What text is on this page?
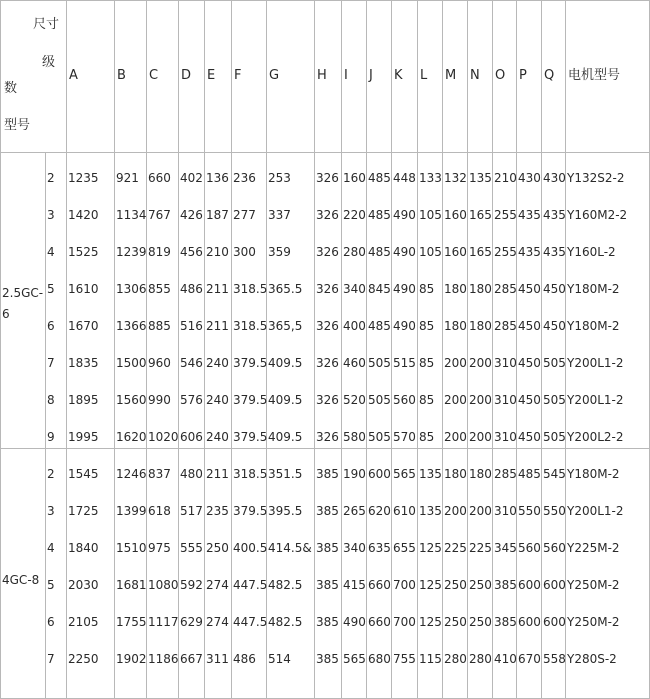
尺寸
级
数
型号
A	B C D E F G	H I J K L M N O P Q 电机型号
2.5GC-
6
4GC-8
2 1235 921 660 402 136 236 253 326 160 485 448 133 132 135 210 430 430 Y132S2-2
3 1420 1134 767 426 187 277 337 326 220 485 490 105 160 165 255 435 435 Y160M2-2
4 1525 1239 819 456 210 300 359 326 280 485 490 105 160 165 255 435 435 Y160L-2
5 1610 1306 855 486 211 318.5 365.5 326 340 845 490 85 180 180 285 450 450 Y180M-2
6 1670 1366 885 516 211 318.5 365,5 326 400 485 490 85 180 180 285 450 450 Y180M-2
7 1835 1500 960 546 240 379.5 409.5 326 460 505 515 85 200 200 310 450 505 Y200L1-2
8 1895 1560 990 576 240 379.5 409.5 326 520 505 560 85 200 200 310 450 505 Y200L1-2
9 1995 1620 1020 606 240 379.5 409.5 326 580 505 570 85 200 200 310 450 505 Y200L2-2
2 1545 1246 837 480 211 318.5 351.5 385 190 600 565 135 180 180 285 485 545 Y180M-2
3 1725 1399 618 517 235 379.5 395.5 385 265 620 610 135 200 200 310 550 550 Y200L1-2
4 1840 1510 975 555 250 400.5 414.5& 385 340 635 655 125 225 225 345 560 560 Y225M-2
5 2030 1681 1080 592 274 447.5 482.5 385 415 660 700 125 250 250 385 600 600 Y250M-2
6 2105 1755 1117 629 274 447.5 482.5 385 490 660 700 125 250 250 385 600 600 Y250M-2
7 2250 1902 1186 667 311 486 514 385 565 680 755 115 280 280 410 670 558 Y280S-2
